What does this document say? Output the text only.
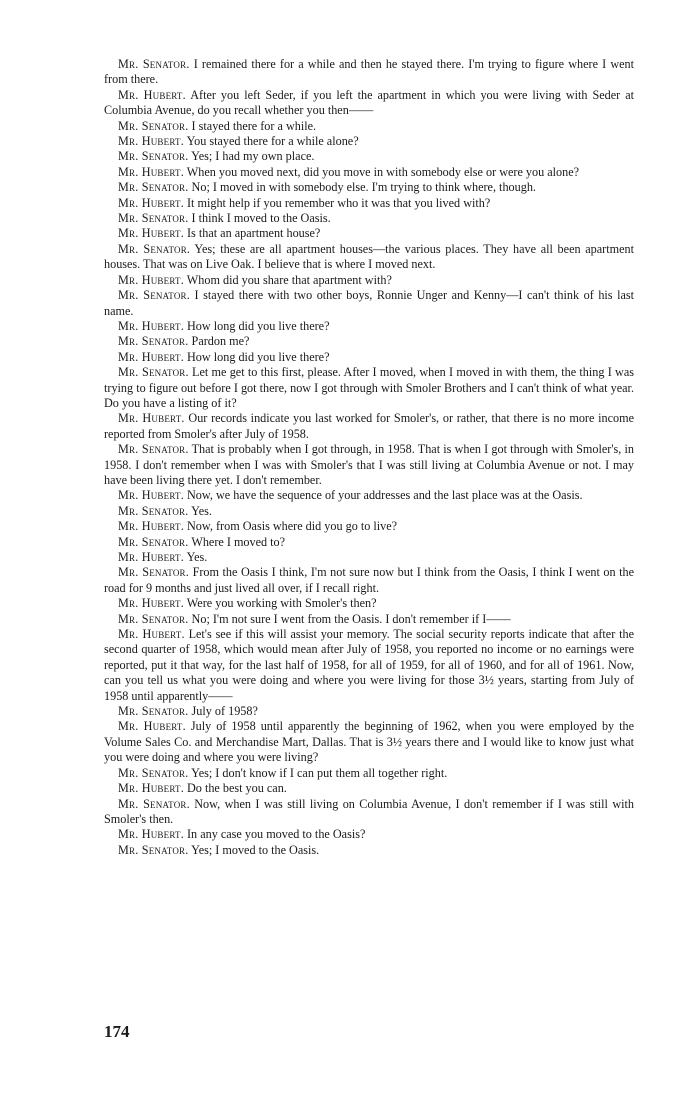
Mr. Senator. I remained there for a while and then he stayed there. I'm trying to figure where I went from there.

Mr. Hubert. After you left Seder, if you left the apartment in which you were living with Seder at Columbia Avenue, do you recall whether you then——

Mr. Senator. I stayed there for a while.

Mr. Hubert. You stayed there for a while alone?

Mr. Senator. Yes; I had my own place.

Mr. Hubert. When you moved next, did you move in with somebody else or were you alone?

Mr. Senator. No; I moved in with somebody else. I'm trying to think where, though.

Mr. Hubert. It might help if you remember who it was that you lived with?

Mr. Senator. I think I moved to the Oasis.

Mr. Hubert. Is that an apartment house?

Mr. Senator. Yes; these are all apartment houses—the various places. They have all been apartment houses. That was on Live Oak. I believe that is where I moved next.

Mr. Hubert. Whom did you share that apartment with?

Mr. Senator. I stayed there with two other boys, Ronnie Unger and Kenny—I can't think of his last name.

Mr. Hubert. How long did you live there?

Mr. Senator. Pardon me?

Mr. Hubert. How long did you live there?

Mr. Senator. Let me get to this first, please. After I moved, when I moved in with them, the thing I was trying to figure out before I got there, now I got through with Smoler Brothers and I can't think of what year. Do you have a listing of it?

Mr. Hubert. Our records indicate you last worked for Smoler's, or rather, that there is no more income reported from Smoler's after July of 1958.

Mr. Senator. That is probably when I got through, in 1958. That is when I got through with Smoler's, in 1958. I don't remember when I was with Smoler's that I was still living at Columbia Avenue or not. I may have been living there yet. I don't remember.

Mr. Hubert. Now, we have the sequence of your addresses and the last place was at the Oasis.

Mr. Senator. Yes.

Mr. Hubert. Now, from Oasis where did you go to live?

Mr. Senator. Where I moved to?

Mr. Hubert. Yes.

Mr. Senator. From the Oasis I think, I'm not sure now but I think from the Oasis, I think I went on the road for 9 months and just lived all over, if I recall right.

Mr. Hubert. Were you working with Smoler's then?

Mr. Senator. No; I'm not sure I went from the Oasis. I don't remember if I——

Mr. Hubert. Let's see if this will assist your memory. The social security reports indicate that after the second quarter of 1958, which would mean after July of 1958, you reported no income or no earnings were reported, put it that way, for the last half of 1958, for all of 1959, for all of 1960, and for all of 1961. Now, can you tell us what you were doing and where you were living for those 3½ years, starting from July of 1958 until apparently——

Mr. Senator. July of 1958?

Mr. Hubert. July of 1958 until apparently the beginning of 1962, when you were employed by the Volume Sales Co. and Merchandise Mart, Dallas. That is 3½ years there and I would like to know just what you were doing and where you were living?

Mr. Senator. Yes; I don't know if I can put them all together right.

Mr. Hubert. Do the best you can.

Mr. Senator. Now, when I was still living on Columbia Avenue, I don't remember if I was still with Smoler's then.

Mr. Hubert. In any case you moved to the Oasis?

Mr. Senator. Yes; I moved to the Oasis.

174
